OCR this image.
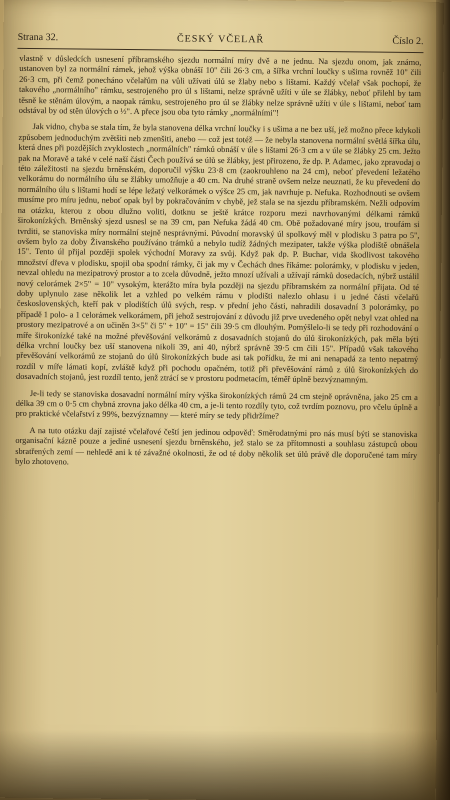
Strana 32.	ČESKÝ VČELAŘ	Číslo 2.

vlastně v důsledcích usnesení příbramského sjezdu normální míry dvě a ne jednu. Na sjezdu onom, jak známo, ustanoven byl za normální rámek, jehož výška obnáší 10" čili 26·3 cm, a šířka vrchní loučky s ušima rovněž 10" čili 26·3 cm, při čemž ponecháno včelařům na vůli užívati úlů se žlaby nebo s lištami. Každý včelař však pochopí, že takového „normálního" rámku, sestrojeného pro úl s lištami, nelze správně užíti v úle se žlábky, neboť přilehl by tam těsně ke stěnám úlovým, a naopak rámku, sestrojeného pro úl se žlábky nelze správně užíti v úle s lištami, neboť tam odstával by od stěn úlových o ½". A přece jsou oba tyto rámky „normálními"!

Jak vidno, chyba se stala tím, že byla stanovena délka vrchní loučky i s ušima a ne bez uší, jež možno přece kdykoli způsobem jednoduchým zvětšiti neb zmenšiti, anebo — což jest totéž — že nebyla stanovena normální světlá šířka úlu, která dnes při pozdějších zvyklostech „normálních" rámků obnáší v úle s lištami 26·3 cm a v úle se žlábky 25 cm. Ježto pak na Moravě a také v celé naší části Čech používá se úlů se žlábky, jest přirozeno, že dp. P. Adamec, jako zpravodaj o této záležitosti na sjezdu brněnském, doporučil výšku 23·8 cm (zaokrouhleno na 24 cm), neboť převedení ležatého velkorámu do normálního úlu se žlábky umožňuje a 40 cm. Na druhé straně ovšem nelze neuznati, že ku převedení do normálního úlu s lištami hodí se lépe ležatý velkorámek o výšce 25 cm, jak navrhuje p. Nefuka. Rozhodnouti se ovšem musíme pro míru jednu, neboť opak byl by pokračováním v chybě, jež stala se na sjezdu příbramském. Nežli odpovím na otázku, kterou z obou dlužno voliti, dotknu se ještě krátce rozporu mezi navrhovanými délkami rámků širokonízkých. Brněnský sjezd usnesl se na 39 cm, pan Nefuka žádá 40 cm. Obě požadované míry jsou, troufám si tvrditi, se stanoviska míry normální stejně nesprávnými. Původní moravský úl spolkový měl v plodisku 3 patra po 5", ovšem bylo za doby Živanského používáno trámků a nebylo tudíž žádných mezipater, takže výška plodiště obnášela 15". Tento úl přijal později spolek východní Moravy za svůj. Když pak dp. P. Buchar, vida škodlivost takového množství dřeva v plodisku, spojil oba spodní rámky, či jak my v Čechách dnes říkáme: polorámky, v plodisku v jeden, nevzal ohledu na mezipatrový prostor a to zcela důvodně, ježto mnozí užívali a užívají rámků dosedacích, nýbrž ustálil nový celorámek 2×5" = 10" vysokým, kterážto míra byla později na sjezdu příbramském za normální přijata. Od té doby uplynulo zase několik let a vzhled po velkém rámu v plodišti nalezlo ohlasu i u jedné části včelařů československých, kteří pak v plodištích úlů svých, resp. v přední jeho části, nahradili dosavadní 3 polorámky, po případě 1 polo- a 1 celorámek velkorámem, při jehož sestrojování z důvodu již prve uvedeného opět nebyl vzat ohled na prostory mezipatrové a on učiněn 3×5" či 5" + 10" = 15" čili 39·5 cm dlouhým. Pomýšlelo-li se tedy při rozhodování o míře širokonízké také na možné převěšování velkorámů z dosavadních stojanů do úlů širokonízkých, pak měla býti délka vrchní loučky bez uší stanovena nikoli 39, ani 40, nýbrž správně 39·5 cm čili 15". Případů však takového převěšování velkorámů ze stojanů do úlů širokonízkých bude asi tak pořídku, že mi ani nenapadá za tento nepatrný rozdíl v míře lámati kopí, zvláště když při pochodu opačném, totiž při převěšování rámů z úlů širokonízkých do dosavadních stojanů, jest rozdíl tento, jenž ztrácí se v prostoru podmetacím, téměř úplně bezvýznamným.

Je-li tedy se stanoviska dosavadní normální míry výška širokonízkých rámů 24 cm stejně oprávněna, jako 25 cm a délka 39 cm o 0·5 cm chybná zrovna jako délka 40 cm, a je-li tento rozdíly tyto, což tvrdím poznovu, pro včelu úplně a pro praktické včelařství z 99%, bezvýznamny — které míry se tedy přidržíme?

A na tuto otázku dají zajisté včelařové čeští jen jedinou odpověď: Směrodatnými pro nás musí býti se stanoviska organisační kázně pouze a jediné usnesení sjezdu brněnského, jež stalo se za přítomnosti a souhlasu zástupců obou sbratřených zemí — nehledě ani k té závažné okolnosti, že od té doby několik set úlů právě dle doporučené tam míry bylo zhotoveno.
